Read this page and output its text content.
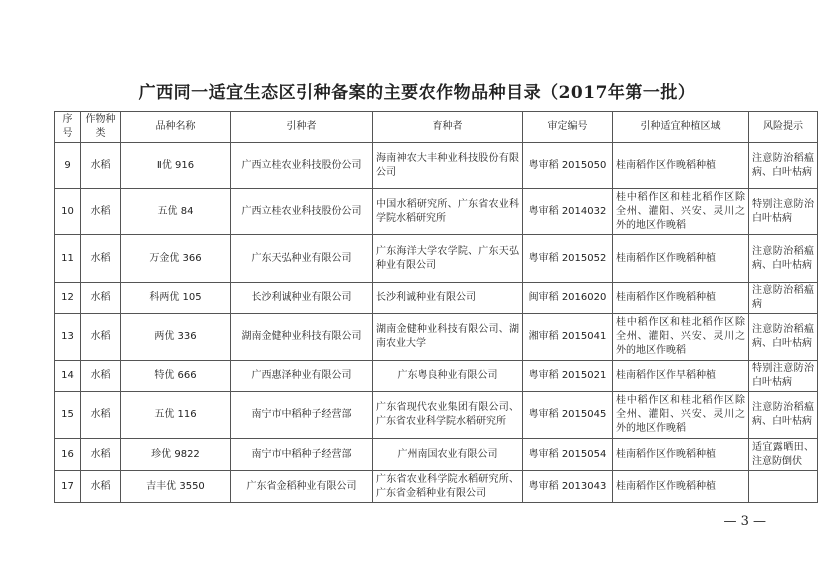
广西同一适宜生态区引种备案的主要农作物品种目录（2017年第一批）
序号	作物种类	品种名称	引种者	育种者	审定编号	引种适宜种植区域	风险提示
9	水稻	Ⅱ优 916	广西立桂农业科技股份公司	海南神农大丰种业科技股份有限公司	粤审稻 2015050	桂南稻作区作晚稻种植	注意防治稻瘟病、白叶枯病
10	水稻	五优 84	广西立桂农业科技股份公司	中国水稻研究所、广东省农业科学院水稻研究所	粤审稻 2014032	桂中稻作区和桂北稻作区除全州、灌阳、兴安、灵川之外的地区作晚稻	特别注意防治白叶枯病
11	水稻	万金优 366	广东天弘种业有限公司	广东海洋大学农学院、广东天弘种业有限公司	粤审稻 2015052	桂南稻作区作晚稻种植	注意防治稻瘟病、白叶枯病
12	水稻	科两优 105	长沙利诚种业有限公司	长沙利诚种业有限公司	闽审稻 2016020	桂南稻作区作晚稻种植	注意防治稻瘟病
13	水稻	两优 336	湖南金健种业科技有限公司	湖南金健种业科技有限公司、湖南农业大学	湘审稻 2015041	桂中稻作区和桂北稻作区除全州、灌阳、兴安、灵川之外的地区作晚稻	注意防治稻瘟病、白叶枯病
14	水稻	特优 666	广西惠泽种业有限公司	广东粤良种业有限公司	粤审稻 2015021	桂南稻作区作早稻种植	特别注意防治白叶枯病
15	水稻	五优 116	南宁市中稻种子经营部	广东省现代农业集团有限公司、广东省农业科学院水稻研究所	粤审稻 2015045	桂中稻作区和桂北稻作区除全州、灌阳、兴安、灵川之外的地区作晚稻	注意防治稻瘟病、白叶枯病
16	水稻	珍优 9822	南宁市中稻种子经营部	广州南国农业有限公司	粤审稻 2015054	桂南稻作区作晚稻种植	适宜露晒田、注意防倒伏
17	水稻	吉丰优 3550	广东省金稻种业有限公司	广东省农业科学院水稻研究所、广东省金稻种业有限公司	粤审稻 2013043	桂南稻作区作晚稻种植	
— 3 —
